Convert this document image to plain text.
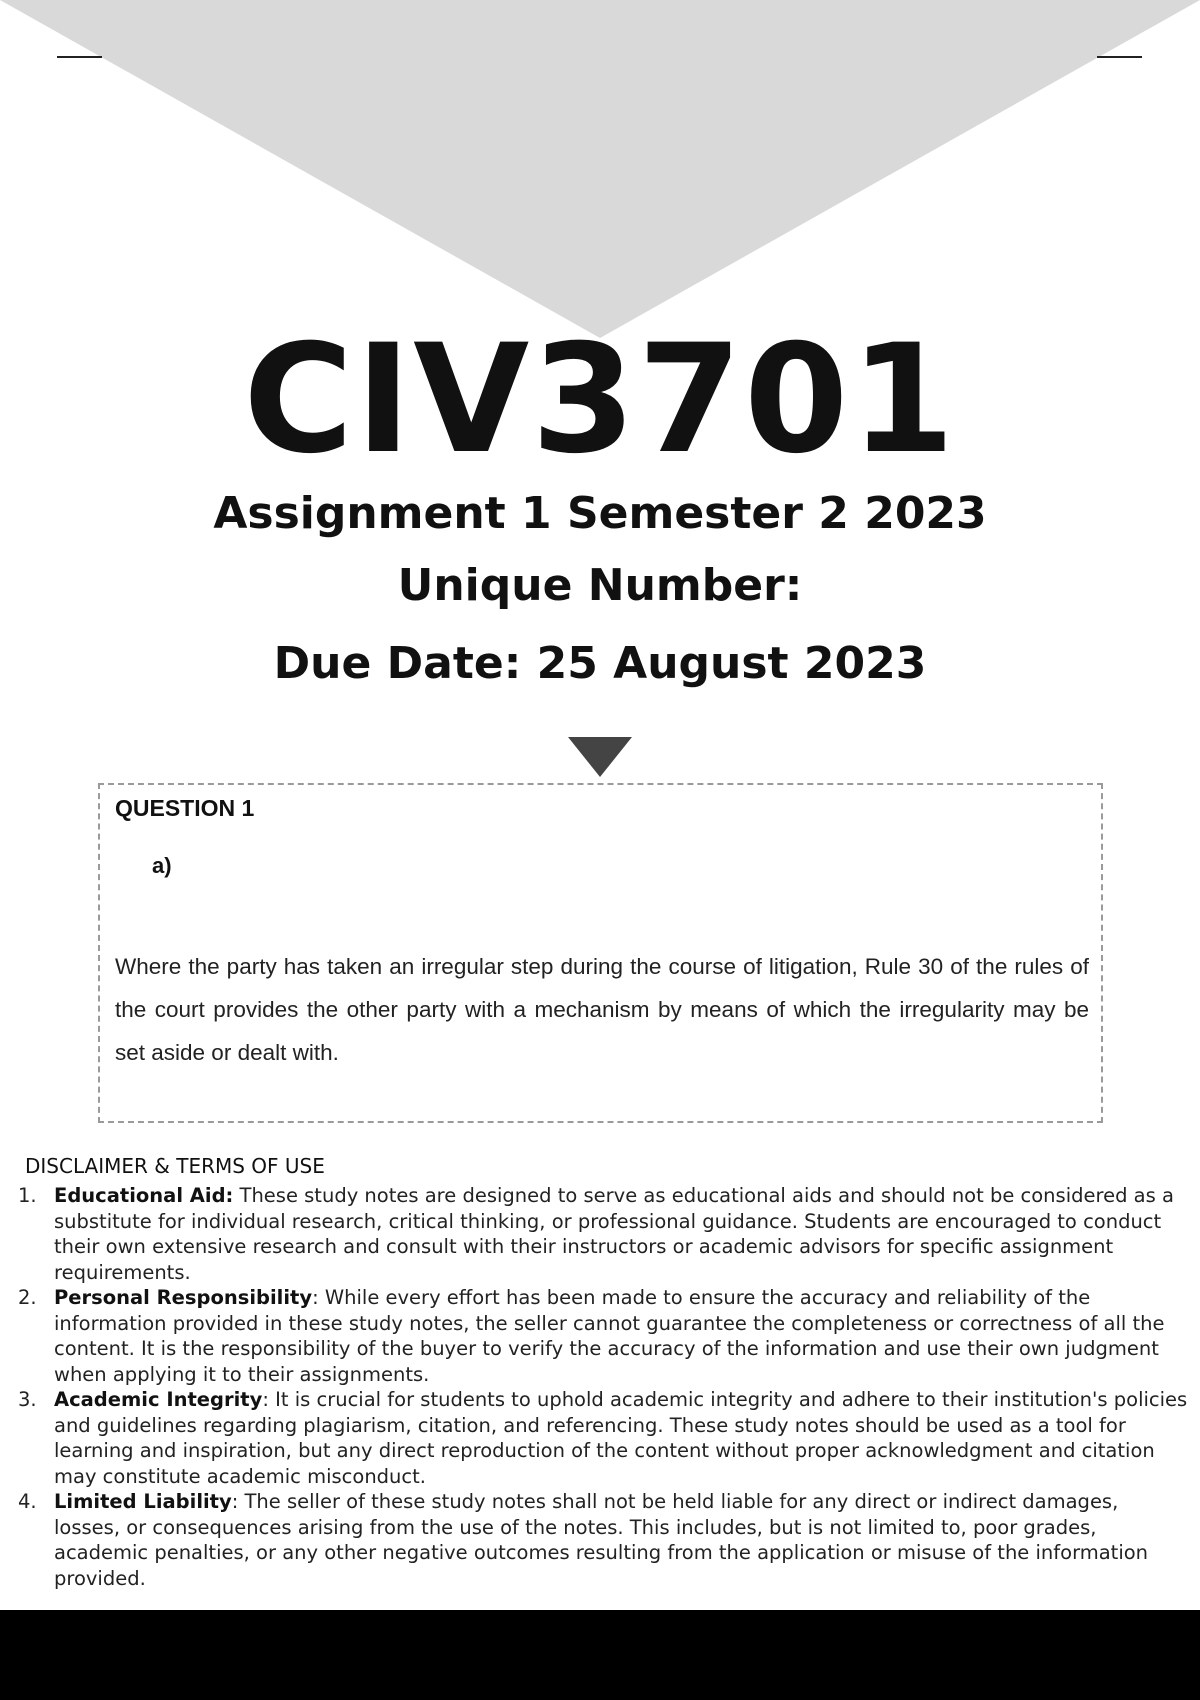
CIV3701
Assignment 1 Semester 2 2023
Unique Number:
Due Date: 25 August 2023
QUESTION 1
a)
Where the party has taken an irregular step during the course of litigation, Rule 30 of the rules of the court provides the other party with a mechanism by means of which the irregularity may be set aside or dealt with.
DISCLAIMER & TERMS OF USE
1. Educational Aid: These study notes are designed to serve as educational aids and should not be considered as a substitute for individual research, critical thinking, or professional guidance. Students are encouraged to conduct their own extensive research and consult with their instructors or academic advisors for specific assignment requirements.
2. Personal Responsibility: While every effort has been made to ensure the accuracy and reliability of the information provided in these study notes, the seller cannot guarantee the completeness or correctness of all the content. It is the responsibility of the buyer to verify the accuracy of the information and use their own judgment when applying it to their assignments.
3. Academic Integrity: It is crucial for students to uphold academic integrity and adhere to their institution's policies and guidelines regarding plagiarism, citation, and referencing. These study notes should be used as a tool for learning and inspiration, but any direct reproduction of the content without proper acknowledgment and citation may constitute academic misconduct.
4. Limited Liability: The seller of these study notes shall not be held liable for any direct or indirect damages, losses, or consequences arising from the use of the notes. This includes, but is not limited to, poor grades, academic penalties, or any other negative outcomes resulting from the application or misuse of the information provided.
